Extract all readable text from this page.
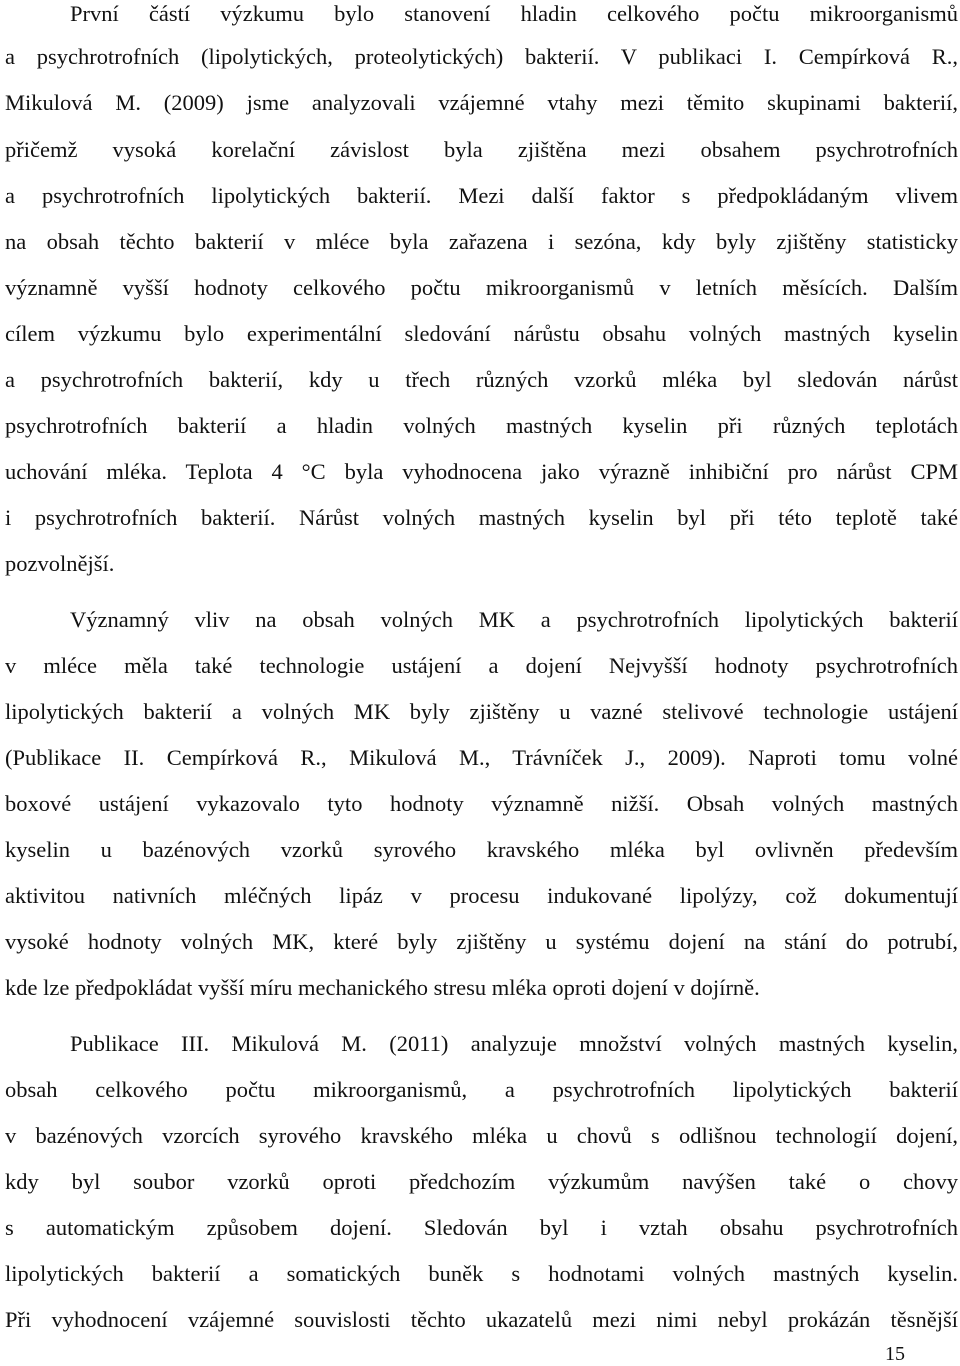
První částí výzkumu bylo stanovení hladin celkového počtu mikroorganismů
a psychrotrofních (lipolytických, proteolytických) bakterií. V publikaci I. Cempírková R.,
Mikulová M. (2009) jsme analyzovali vzájemné vtahy mezi těmito skupinami bakterií,
přičemž vysoká korelační závislost byla zjištěna mezi obsahem psychrotrofních
a psychrotrofních lipolytických bakterií. Mezi další faktor s předpokládaným vlivem
na obsah těchto bakterií v mléce byla zařazena i sezóna, kdy byly zjištěny statisticky
významně vyšší hodnoty celkového počtu mikroorganismů v letních měsících. Dalším
cílem výzkumu bylo experimentální sledování nárůstu obsahu volných mastných kyselin
a psychrotrofních bakterií, kdy u třech různých vzorků mléka byl sledován nárůst
psychrotrofních bakterií a hladin volných mastných kyselin při různých teplotách
uchování mléka. Teplota 4 °C byla vyhodnocena jako výrazně inhibiční pro nárůst CPM
i psychrotrofních bakterií. Nárůst volných mastných kyselin byl při této teplotě také
pozvolnější.
Významný vliv na obsah volných MK a psychrotrofních lipolytických bakterií
v mléce měla také technologie ustájení a dojení Nejvyšší hodnoty psychrotrofních
lipolytických bakterií a volných MK byly zjištěny u vazné stelivové technologie ustájení
(Publikace II. Cempírková R., Mikulová M., Trávníček J., 2009). Naproti tomu volné
boxové ustájení vykazovalo tyto hodnoty významně nižší. Obsah volných mastných
kyselin u bazénových vzorků syrového kravského mléka byl ovlivněn především
aktivitou nativních mléčných lipáz v procesu indukované lipolýzy, což dokumentují
vysoké hodnoty volných MK, které byly zjištěny u systému dojení na stání do potrubí,
kde lze předpokládat vyšší míru mechanického stresu mléka oproti dojení v dojírně.
Publikace III. Mikulová M. (2011) analyzuje množství volných mastných kyselin,
obsah celkového počtu mikroorganismů, a psychrotrofních lipolytických bakterií
v bazénových vzorcích syrového kravského mléka u chovů s odlišnou technologií dojení,
kdy byl soubor vzorků oproti předchozím výzkumům navýšen také o chovy
s automatickým způsobem dojení. Sledován byl i vztah obsahu psychrotrofních
lipolytických bakterií a somatických buněk s hodnotami volných mastných kyselin.
Při vyhodnocení vzájemné souvislosti těchto ukazatelů mezi nimi nebyl prokázán těsnější
15
